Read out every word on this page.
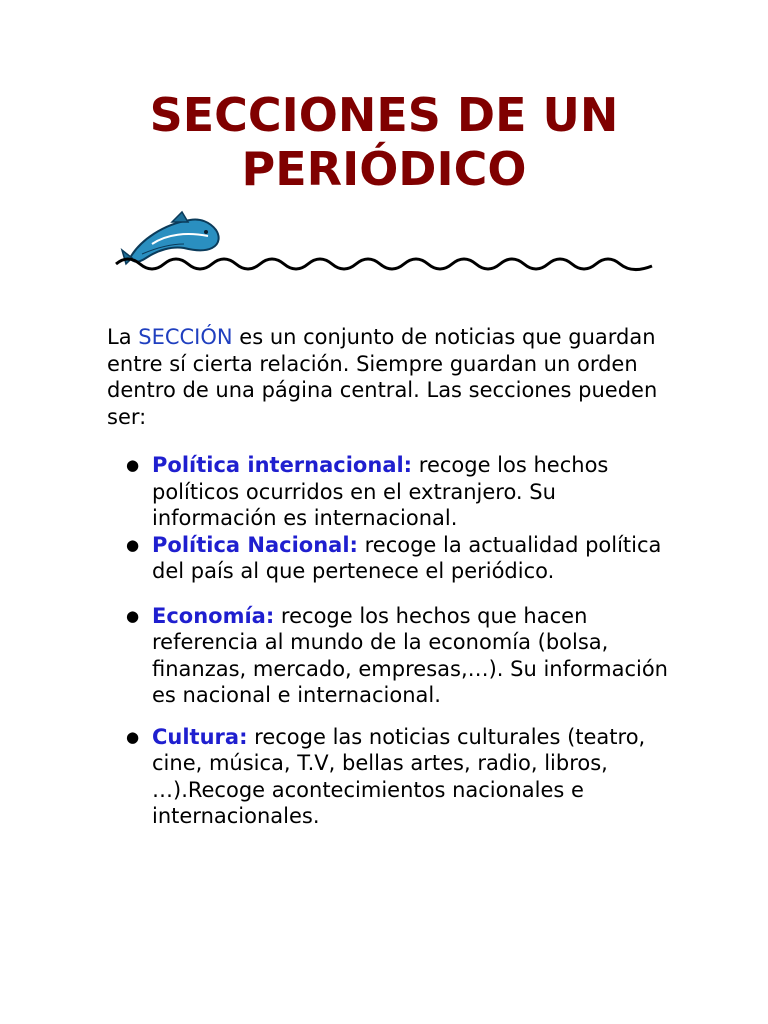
SECCIONES DE UN
PERIÓDICO

La SECCIÓN es un conjunto de noticias que guardan entre sí cierta relación. Siempre guardan un orden dentro de una página central. Las secciones pueden ser:

● Política internacional: recoge los hechos políticos ocurridos en el extranjero. Su información es internacional.
● Política Nacional: recoge la actualidad política del país al que pertenece el periódico.
● Economía: recoge los hechos que hacen referencia al mundo de la economía (bolsa, finanzas, mercado, empresas,…). Su información es nacional e internacional.
● Cultura: recoge las noticias culturales (teatro, cine, música, T.V, bellas artes, radio, libros, …).Recoge acontecimientos nacionales e internacionales.
